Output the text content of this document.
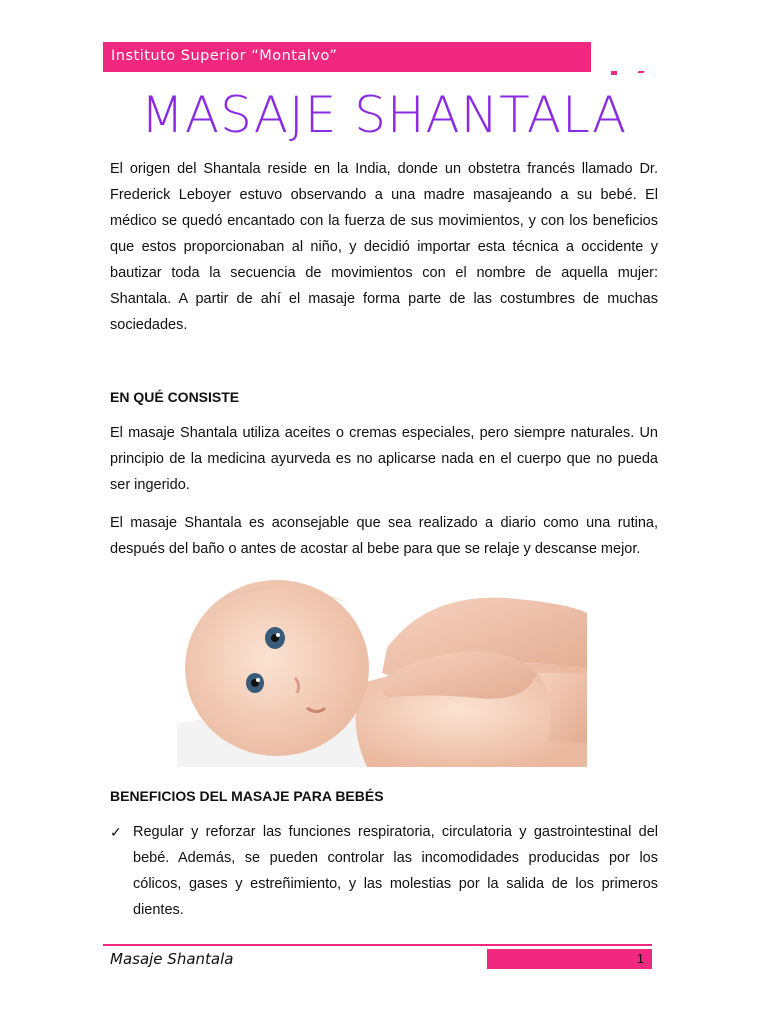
Instituto Superior “Montalvo”
MASAJE SHANTALA

El origen del Shantala reside en la India, donde un obstetra francés llamado Dr. Frederick Leboyer estuvo observando a una madre masajeando a su bebé. El médico se quedó encantado con la fuerza de sus movimientos, y con los beneficios que estos proporcionaban al niño, y decidió importar esta técnica a occidente y bautizar toda la secuencia de movimientos con el nombre de aquella mujer: Shantala. A partir de ahí el masaje forma parte de las costumbres de muchas sociedades.

EN QUÉ CONSISTE

El masaje Shantala utiliza aceites o cremas especiales, pero siempre naturales. Un principio de la medicina ayurveda es no aplicarse nada en el cuerpo que no pueda ser ingerido.

El masaje Shantala es aconsejable que sea realizado a diario como una rutina, después del baño o antes de acostar al bebe para que se relaje y descanse mejor.

BENEFICIOS DEL MASAJE PARA BEBÉS
✓ Regular y reforzar las funciones respiratoria, circulatoria y gastrointestinal del bebé. Además, se pueden controlar las incomodidades producidas por los cólicos, gases y estreñimiento, y las molestias por la salida de los primeros dientes.
Masaje Shantala	1
